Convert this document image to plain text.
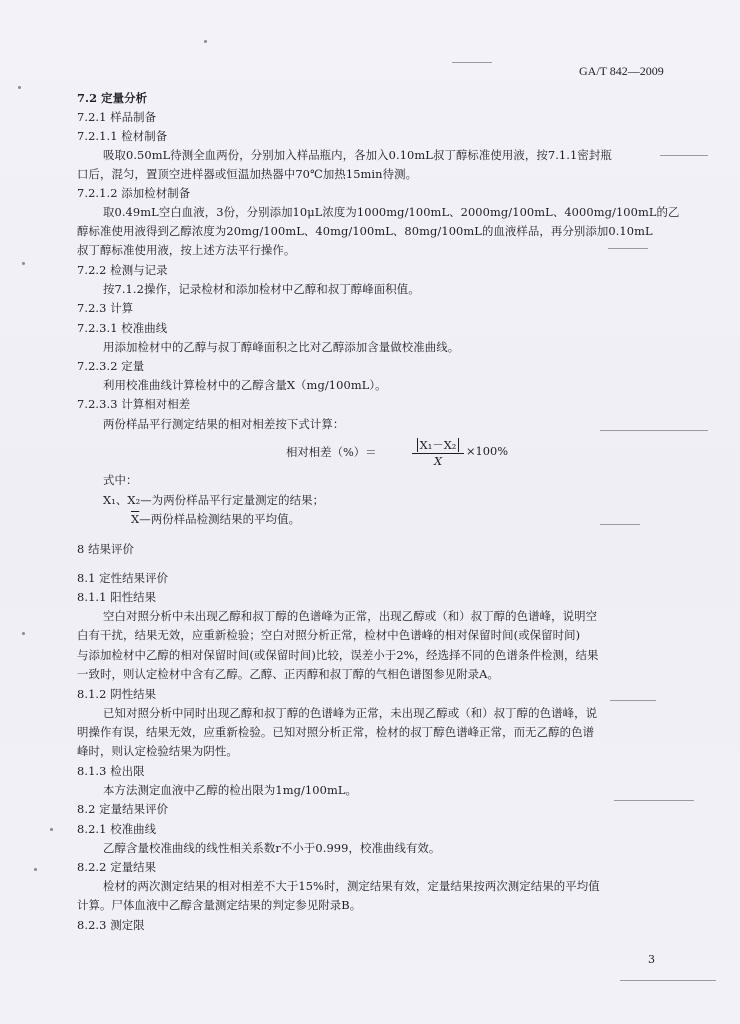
GA/T 842—2009
7.2 定量分析
7.2.1 样品制备
7.2.1.1 检材制备
吸取0.50mL待测全血两份，分别加入样品瓶内，各加入0.10mL叔丁醇标准使用液，按7.1.1密封瓶
口后，混匀，置顶空进样器或恒温加热器中70℃加热15min待测。
7.2.1.2 添加检材制备
取0.49mL空白血液，3份，分别添加10μL浓度为1000mg/100mL、2000mg/100mL、4000mg/100mL的乙
醇标准使用液得到乙醇浓度为20mg/100mL、40mg/100mL、80mg/100mL的血液样品，再分别添加0.10mL
叔丁醇标准使用液，按上述方法平行操作。
7.2.2 检测与记录
按7.1.2操作，记录检材和添加检材中乙醇和叔丁醇峰面积值。
7.2.3 计算
7.2.3.1 校准曲线
用添加检材中的乙醇与叔丁醇峰面积之比对乙醇添加含量做校准曲线。
7.2.3.2 定量
利用校准曲线计算检材中的乙醇含量X（mg/100mL）。
7.2.3.3 计算相对相差
两份样品平行测定结果的相对相差按下式计算：
式中：
X₁、X₂—为两份样品平行定量测定的结果；
8 结果评价
8.1 定性结果评价
8.1.1 阳性结果
空白对照分析中未出现乙醇和叔丁醇的色谱峰为正常，出现乙醇或（和）叔丁醇的色谱峰，说明空
白有干扰，结果无效，应重新检验；空白对照分析正常，检材中色谱峰的相对保留时间(或保留时间)
与添加检材中乙醇的相对保留时间(或保留时间)比较，误差小于2%，经选择不同的色谱条件检测，结果
一致时，则认定检材中含有乙醇。乙醇、正丙醇和叔丁醇的气相色谱图参见附录A。
8.1.2 阴性结果
已知对照分析中同时出现乙醇和叔丁醇的色谱峰为正常，未出现乙醇或（和）叔丁醇的色谱峰，说
明操作有误，结果无效，应重新检验。已知对照分析正常，检材的叔丁醇色谱峰正常，而无乙醇的色谱
峰时，则认定检验结果为阴性。
8.1.3 检出限
本方法测定血液中乙醇的检出限为1mg/100mL。
8.2 定量结果评价
8.2.1 校准曲线
乙醇含量校准曲线的线性相关系数r不小于0.999，校准曲线有效。
8.2.2 定量结果
检材的两次测定结果的相对相差不大于15%时，测定结果有效，定量结果按两次测定结果的平均值
计算。尸体血液中乙醇含量测定结果的判定参见附录B。
8.2.3 测定限
相对相差（%）＝	$\frac{\text{X₁－X₂}}{X} \times 100\%$
$\overline{X}—$两份样品检测结果的平均值。
3
